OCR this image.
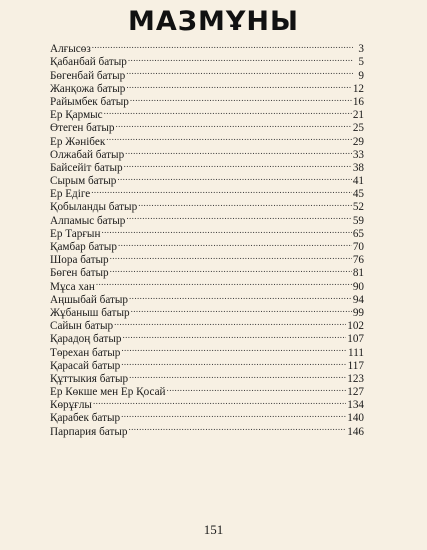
МАЗМҰНЫ
Алғысөз .....	3
Қабанбай батыр .....	5
Бөгенбай батыр .....	9
Жанқожа батыр .....	12
Райымбек батыр .....	16
Ер Қармыс .....	21
Өтеген батыр .....	25
Ер Жәнібек .....	29
Олжабай батыр .....	33
Байсейіт батыр .....	38
Сырым батыр .....	41
Ер Едіге .....	45
Қобыланды батыр .....	52
Алпамыс батыр .....	59
Ер Тарғын .....	65
Қамбар батыр .....	70
Шора батыр .....	76
Бөген батыр .....	81
Мұса хан .....	90
Аңшыбай батыр .....	94
Жұбаныш батыр .....	99
Сайын батыр .....	102
Қарадоң батыр .....	107
Төрехан батыр .....	111
Қарасай батыр .....	117
Құттыкия батыр .....	123
Ер Көкше мен Ер Қосай .....	127
Көрұғлы .....	134
Қарабек батыр .....	140
Парпария батыр .....	146
151
